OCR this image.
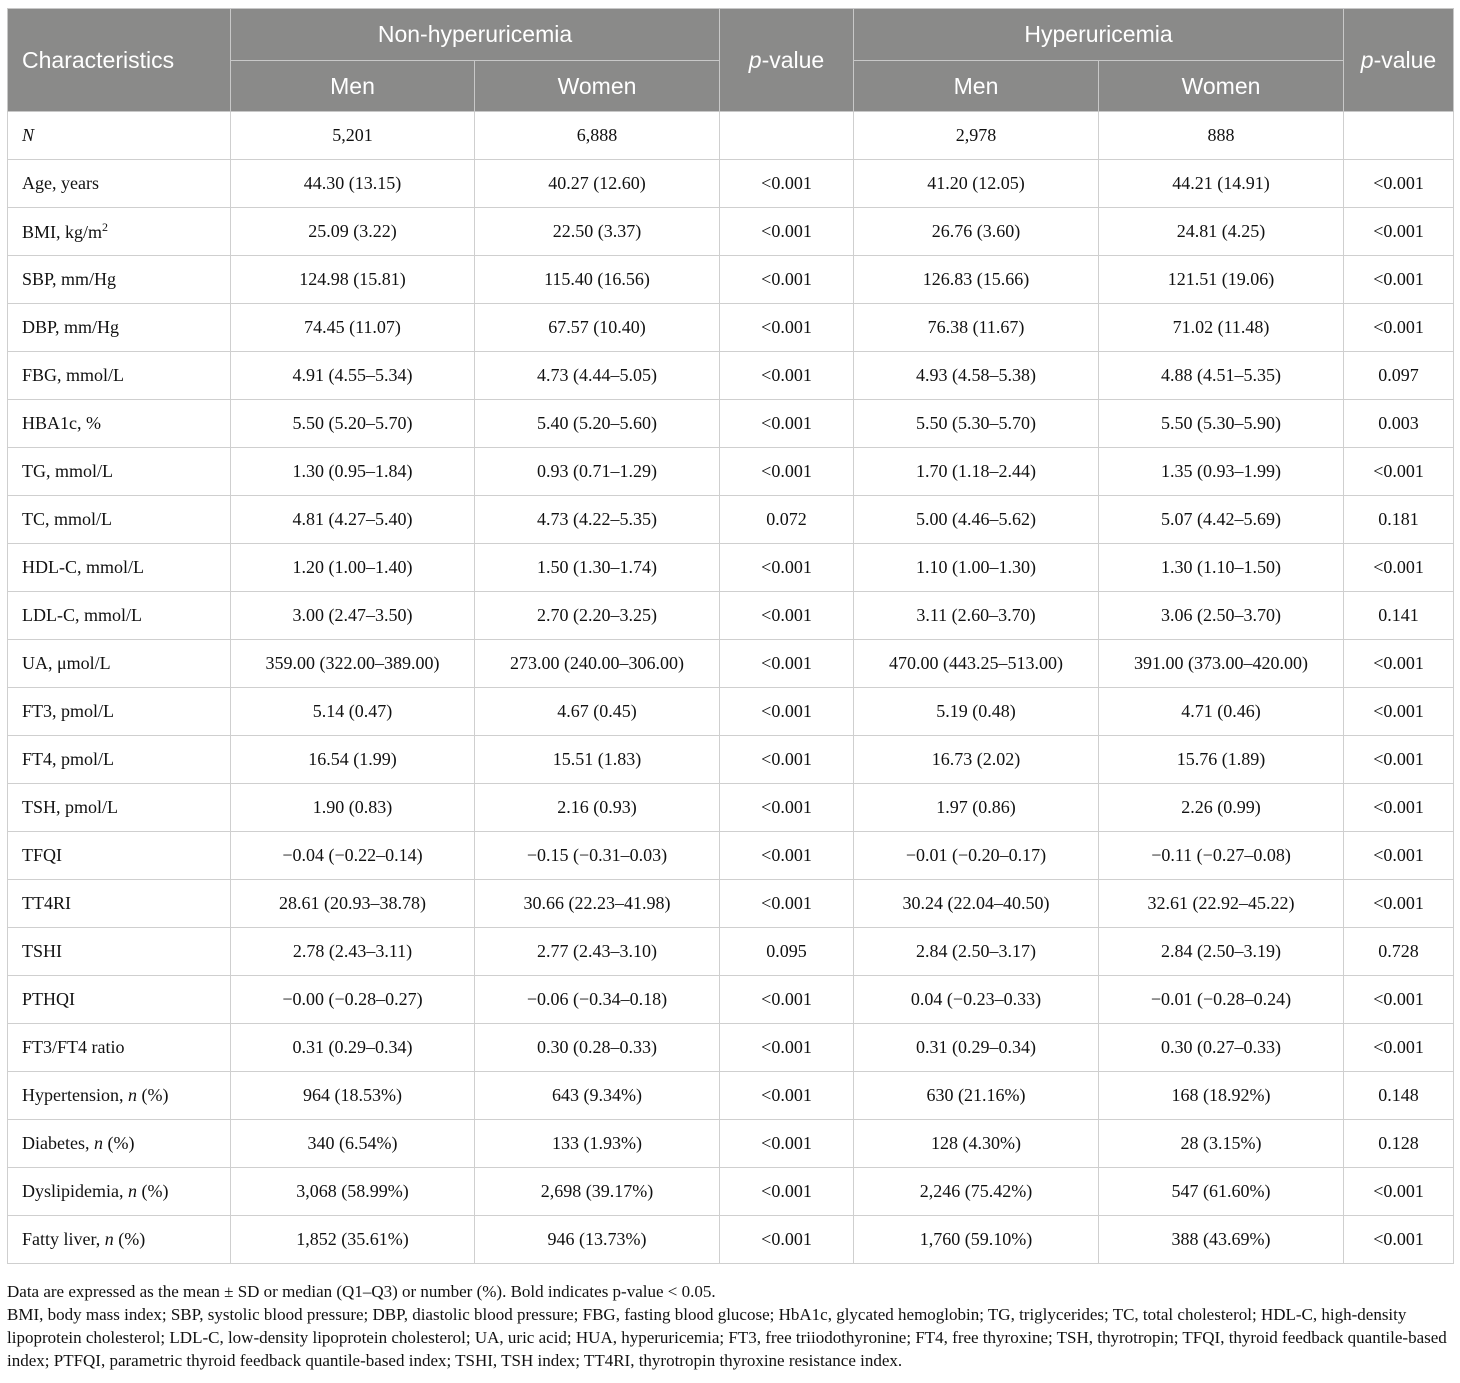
Characteristics	Non-hyperuricemia		p-value	Hyperuricemia		p-value
	Men	Women		Men	Women	
N	5,201	6,888		2,978	888	
Age, years	44.30 (13.15)	40.27 (12.60)	<0.001	41.20 (12.05)	44.21 (14.91)	<0.001
BMI, $kg/m^2$	25.09 (3.22)	22.50 (3.37)	<0.001	26.76 (3.60)	24.81 (4.25)	<0.001
SBP, mm/Hg	124.98 (15.81)	115.40 (16.56)	<0.001	126.83 (15.66)	121.51 (19.06)	<0.001
DBP, mm/Hg	74.45 (11.07)	67.57 (10.40)	<0.001	76.38 (11.67)	71.02 (11.48)	<0.001
FBG, mmol/L	4.91 (4.55–5.34)	4.73 (4.44–5.05)	<0.001	4.93 (4.58–5.38)	4.88 (4.51–5.35)	0.097
HBA1c, %	5.50 (5.20–5.70)	5.40 (5.20–5.60)	<0.001	5.50 (5.30–5.70)	5.50 (5.30–5.90)	0.003
TG, mmol/L	1.30 (0.95–1.84)	0.93 (0.71–1.29)	<0.001	1.70 (1.18–2.44)	1.35 (0.93–1.99)	<0.001
TC, mmol/L	4.81 (4.27–5.40)	4.73 (4.22–5.35)	0.072	5.00 (4.46–5.62)	5.07 (4.42–5.69)	0.181
HDL-C, mmol/L	1.20 (1.00–1.40)	1.50 (1.30–1.74)	<0.001	1.10 (1.00–1.30)	1.30 (1.10–1.50)	<0.001
LDL-C, mmol/L	3.00 (2.47–3.50)	2.70 (2.20–3.25)	<0.001	3.11 (2.60–3.70)	3.06 (2.50–3.70)	0.141
UA, μmol/L	359.00 (322.00–389.00)	273.00 (240.00–306.00)	<0.001	470.00 (443.25–513.00)	391.00 (373.00–420.00)	<0.001
FT3, pmol/L	5.14 (0.47)	4.67 (0.45)	<0.001	5.19 (0.48)	4.71 (0.46)	<0.001
FT4, pmol/L	16.54 (1.99)	15.51 (1.83)	<0.001	16.73 (2.02)	15.76 (1.89)	<0.001
TSH, pmol/L	1.90 (0.83)	2.16 (0.93)	<0.001	1.97 (0.86)	2.26 (0.99)	<0.001
TFQI	−0.04 (−0.22–0.14)	−0.15 (−0.31–0.03)	<0.001	−0.01 (−0.20–0.17)	−0.11 (−0.27–0.08)	<0.001
TT4RI	28.61 (20.93–38.78)	30.66 (22.23–41.98)	<0.001	30.24 (22.04–40.50)	32.61 (22.92–45.22)	<0.001
TSHI	2.78 (2.43–3.11)	2.77 (2.43–3.10)	0.095	2.84 (2.50–3.17)	2.84 (2.50–3.19)	0.728
PTHQI	−0.00 (−0.28–0.27)	−0.06 (−0.34–0.18)	<0.001	0.04 (−0.23–0.33)	−0.01 (−0.28–0.24)	<0.001
FT3/FT4 ratio	0.31 (0.29–0.34)	0.30 (0.28–0.33)	<0.001	0.31 (0.29–0.34)	0.30 (0.27–0.33)	<0.001
Hypertension, n (%)	964 (18.53%)	643 (9.34%)	<0.001	630 (21.16%)	168 (18.92%)	0.148
Diabetes, n (%)	340 (6.54%)	133 (1.93%)	<0.001	128 (4.30%)	28 (3.15%)	0.128
Dyslipidemia, n (%)	3,068 (58.99%)	2,698 (39.17%)	<0.001	2,246 (75.42%)	547 (61.60%)	<0.001
Fatty liver, n (%)	1,852 (35.61%)	946 (13.73%)	<0.001	1,760 (59.10%)	388 (43.69%)	<0.001

Data are expressed as the mean ± SD or median (Q1–Q3) or number (%). Bold indicates p-value < 0.05.

BMI, body mass index; SBP, systolic blood pressure; DBP, diastolic blood pressure; FBG, fasting blood glucose; HbA1c, glycated hemoglobin; TG, triglycerides; TC, total cholesterol; HDL-C, high-density lipoprotein cholesterol; LDL-C, low-density lipoprotein cholesterol; UA, uric acid; HUA, hyperuricemia; FT3, free triiodothyronine; FT4, free thyroxine; TSH, thyrotropin; TFQI, thyroid feedback quantile-based index; PTFQI, parametric thyroid feedback quantile-based index; TSHI, TSH index; TT4RI, thyrotropin thyroxine resistance index.
